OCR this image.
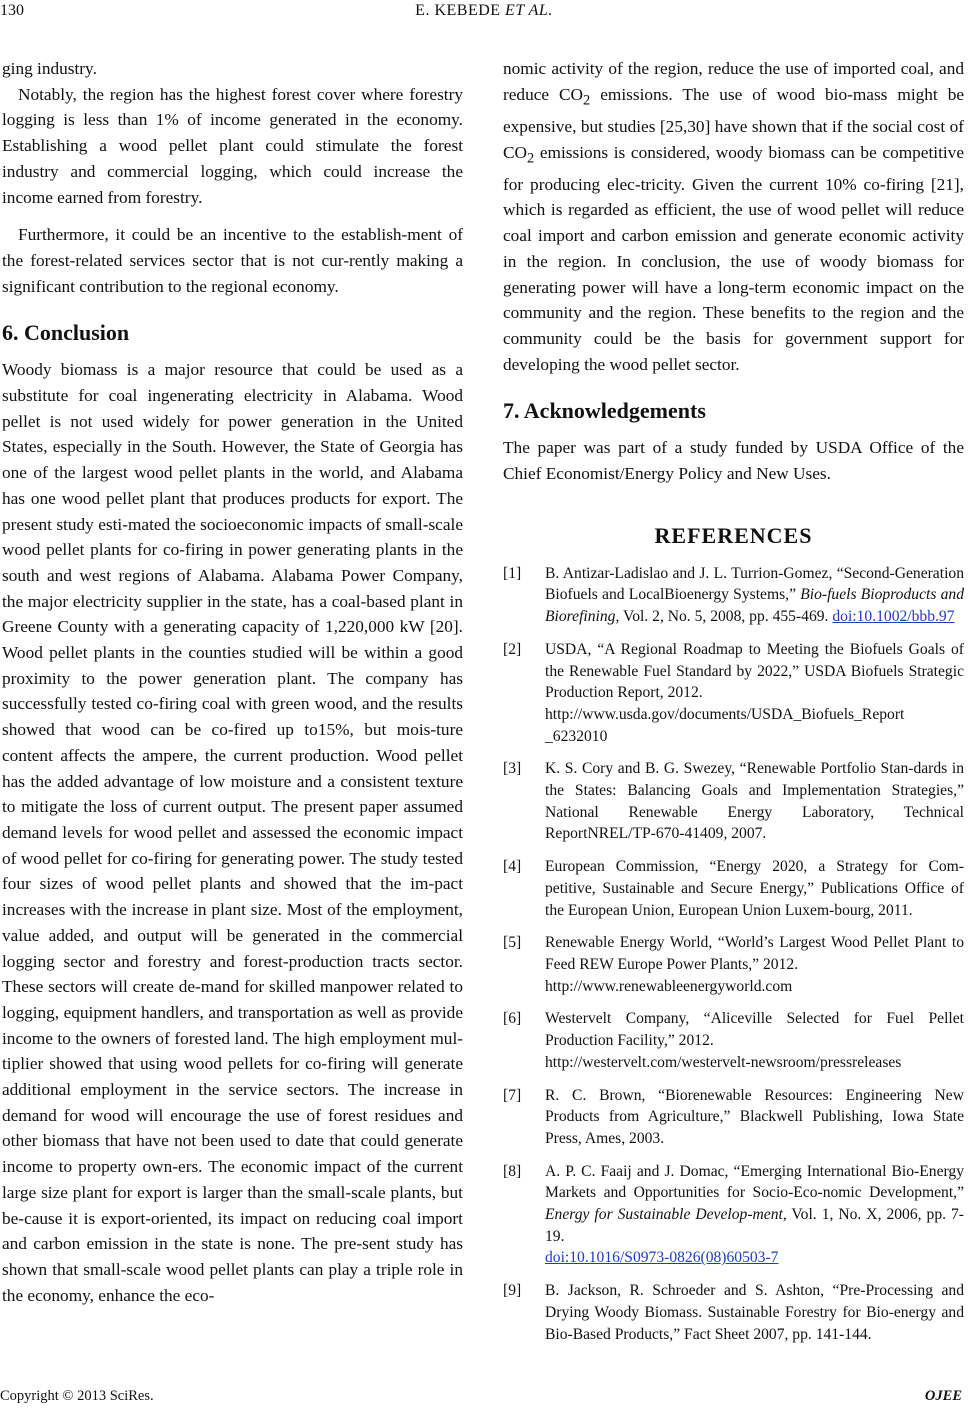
130	E. KEBEDE ET AL.

ging industry.

Notably, the region has the highest forest cover where forestry logging is less than 1% of income generated in the economy. Establishing a wood pellet plant could stimulate the forest industry and commercial logging, which could increase the income earned from forestry.

Furthermore, it could be an incentive to the establish-ment of the forest-related services sector that is not cur-rently making a significant contribution to the regional economy.

6. Conclusion

Woody biomass is a major resource that could be used as a substitute for coal ingenerating electricity in Alabama. Wood pellet is not used widely for power generation in the United States, especially in the South. However, the State of Georgia has one of the largest wood pellet plants in the world, and Alabama has one wood pellet plant that produces products for export. The present study esti-mated the socioeconomic impacts of small-scale wood pellet plants for co-firing in power generating plants in the south and west regions of Alabama. Alabama Power Company, the major electricity supplier in the state, has a coal-based plant in Greene County with a generating capacity of 1,220,000 kW [20]. Wood pellet plants in the counties studied will be within a good proximity to the power generation plant. The company has successfully tested co-firing coal with green wood, and the results showed that wood can be co-fired up to15%, but mois-ture content affects the ampere, the current production. Wood pellet has the added advantage of low moisture and a consistent texture to mitigate the loss of current output. The present paper assumed demand levels for wood pellet and assessed the economic impact of wood pellet for co-firing for generating power. The study tested four sizes of wood pellet plants and showed that the im-pact increases with the increase in plant size. Most of the employment, value added, and output will be generated in the commercial logging sector and forestry and forest-production tracts sector. These sectors will create de-mand for skilled manpower related to logging, equipment handlers, and transportation as well as provide income to the owners of forested land. The high employment mul-tiplier showed that using wood pellets for co-firing will generate additional employment in the service sectors. The increase in demand for wood will encourage the use of forest residues and other biomass that have not been used to date that could generate income to property own-ers. The economic impact of the current large size plant for export is larger than the small-scale plants, but be-cause it is export-oriented, its impact on reducing coal import and carbon emission in the state is none. The pre-sent study has shown that small-scale wood pellet plants can play a triple role in the economy, enhance the eco-

nomic activity of the region, reduce the use of imported coal, and reduce $CO_2$ emissions. The use of wood bio-mass might be expensive, but studies [25,30] have shown that if the social cost of $CO_2$ emissions is considered, woody biomass can be competitive for producing elec-tricity. Given the current 10% co-firing [21], which is regarded as efficient, the use of wood pellet will reduce coal import and carbon emission and generate economic activity in the region. In conclusion, the use of woody biomass for generating power will have a long-term economic impact on the community and the region. These benefits to the region and the community could be the basis for government support for developing the wood pellet sector.

7. Acknowledgements

The paper was part of a study funded by USDA Office of the Chief Economist/Energy Policy and New Uses.

REFERENCES
[1]	B. Antizar-Ladislao and J. L. Turrion-Gomez, “Second-Generation Biofuels and LocalBioenergy Systems,” Bio-fuels Bioproducts and Biorefining, Vol. 2, No. 5, 2008, pp. 455-469. doi:10.1002/bbb.97
[2]	USDA, “A Regional Roadmap to Meeting the Biofuels Goals of the Renewable Fuel Standard by 2022,” USDA Biofuels Strategic Production Report, 2012.
http://www.usda.gov/documents/USDA_Biofuels_Report _6232010
[3]	K. S. Cory and B. G. Swezey, “Renewable Portfolio Stan-dards in the States: Balancing Goals and Implementation Strategies,” National Renewable Energy Laboratory, Technical ReportNREL/TP-670-41409, 2007.
[4]	European Commission, “Energy 2020, a Strategy for Com-petitive, Sustainable and Secure Energy,” Publications Office of the European Union, European Union Luxem-bourg, 2011.
[5]	Renewable Energy World, “World’s Largest Wood Pellet Plant to Feed REW Europe Power Plants,” 2012.
http://www.renewableenergyworld.com
[6]	Westervelt Company, “Aliceville Selected for Fuel Pellet Production Facility,” 2012.
http://westervelt.com/westervelt-newsroom/pressreleases
[7]	R. C. Brown, “Biorenewable Resources: Engineering New Products from Agriculture,” Blackwell Publishing, Iowa State Press, Ames, 2003.
[8]	A. P. C. Faaij and J. Domac, “Emerging International Bio-Energy Markets and Opportunities for Socio-Eco-nomic Development,” Energy for Sustainable Develop-ment, Vol. 1, No. X, 2006, pp. 7-19.
doi:10.1016/S0973-0826(08)60503-7
[9]	B. Jackson, R. Schroeder and S. Ashton, “Pre-Processing and Drying Woody Biomass. Sustainable Forestry for Bio-energy and Bio-Based Products,” Fact Sheet 2007, pp. 141-144.
Copyright © 2013 SciRes.	OJEE
